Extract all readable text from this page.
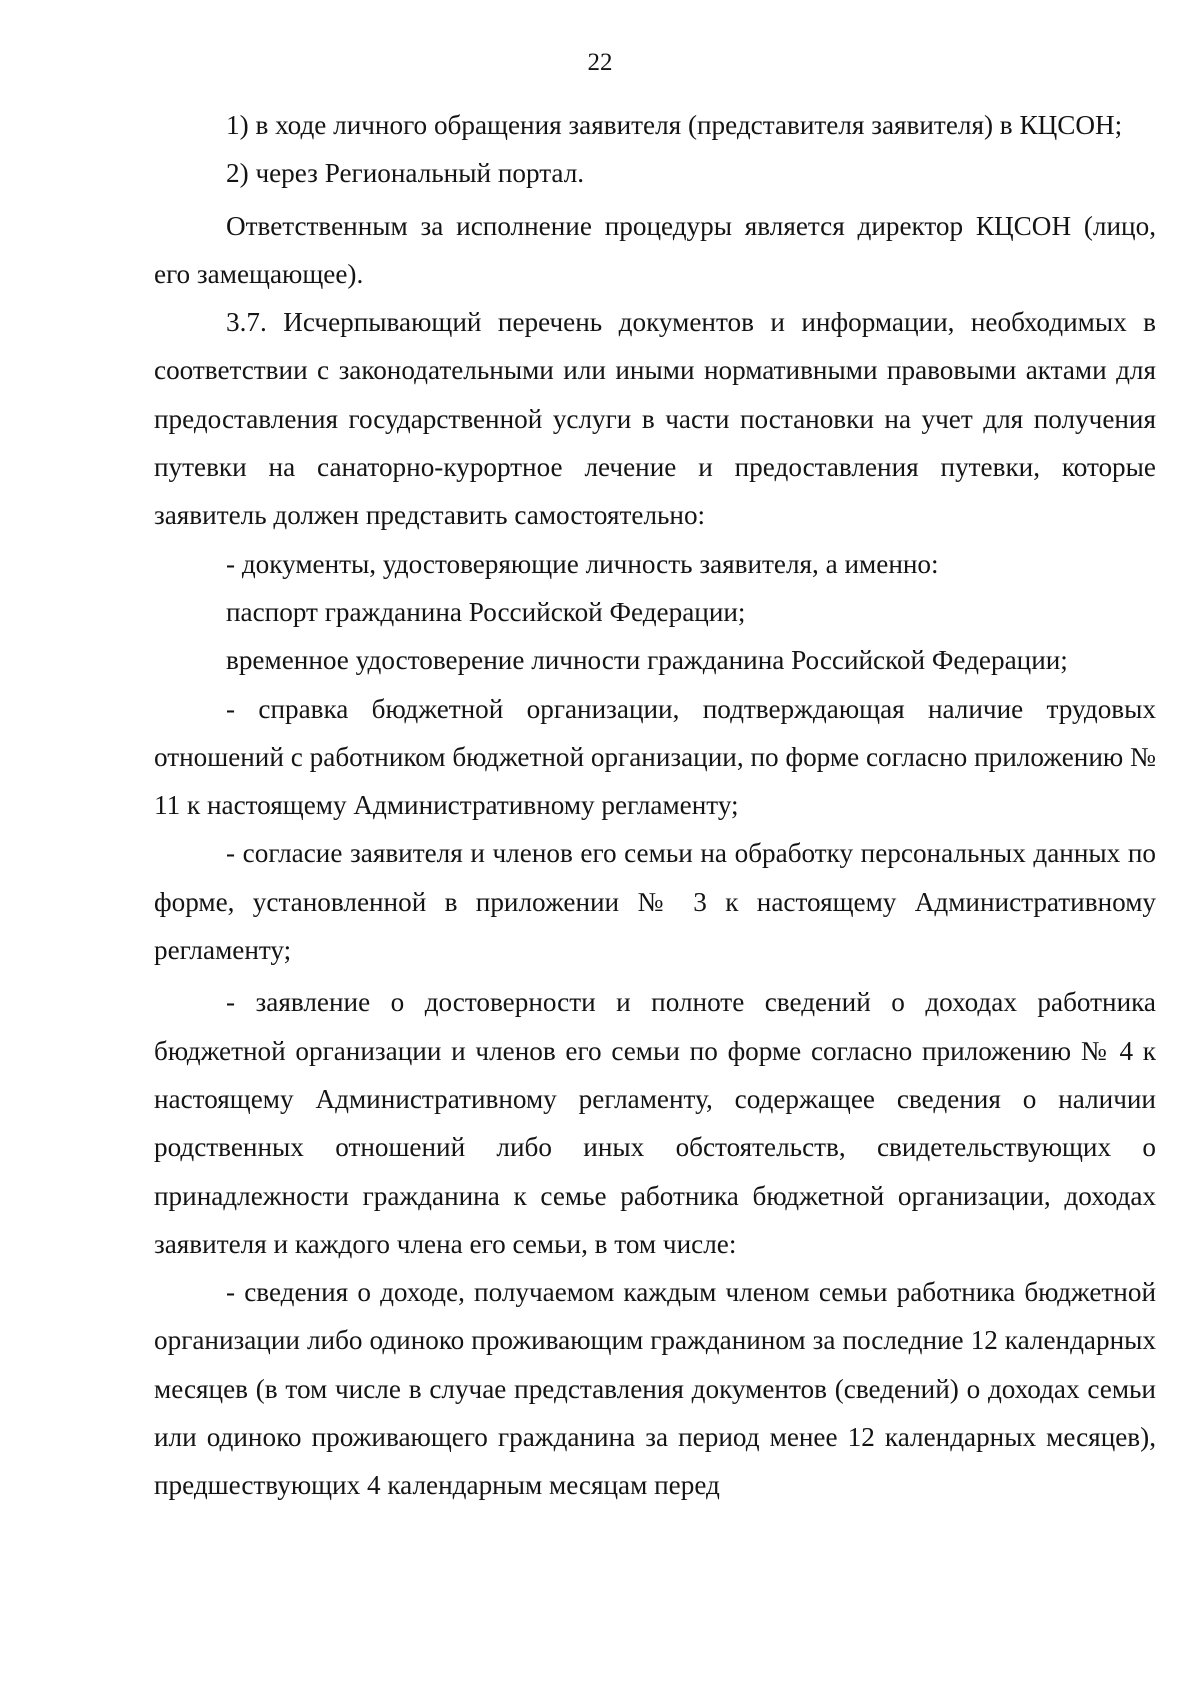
22

1) в ходе личного обращения заявителя (представителя заявителя) в КЦСОН;

2) через Региональный портал.

Ответственным за исполнение процедуры является директор КЦСОН (лицо, его замещающее).

3.7. Исчерпывающий перечень документов и информации, необходимых в соответствии с законодательными или иными нормативными правовыми актами для предоставления государственной услуги в части постановки на учет для получения путевки на санаторно-курортное лечение и предоставления путевки, которые заявитель должен представить самостоятельно:

- документы, удостоверяющие личность заявителя, а именно:

паспорт гражданина Российской Федерации;

временное удостоверение личности гражданина Российской Федерации;

- справка бюджетной организации, подтверждающая наличие трудовых отношений с работником бюджетной организации, по форме согласно приложению № 11 к настоящему Административному регламенту;

- согласие заявителя и членов его семьи на обработку персональных данных по форме, установленной в приложении № 3 к настоящему Административному регламенту;

- заявление о достоверности и полноте сведений о доходах работника бюджетной организации и членов его семьи по форме согласно приложению № 4 к настоящему Административному регламенту, содержащее сведения о наличии родственных отношений либо иных обстоятельств, свидетельствующих о принадлежности гражданина к семье работника бюджетной организации, доходах заявителя и каждого члена его семьи, в том числе:

- сведения о доходе, получаемом каждым членом семьи работника бюджетной организации либо одиноко проживающим гражданином за последние 12 календарных месяцев (в том числе в случае представления документов (сведений) о доходах семьи или одиноко проживающего гражданина за период менее 12 календарных месяцев), предшествующих 4 календарным месяцам перед
